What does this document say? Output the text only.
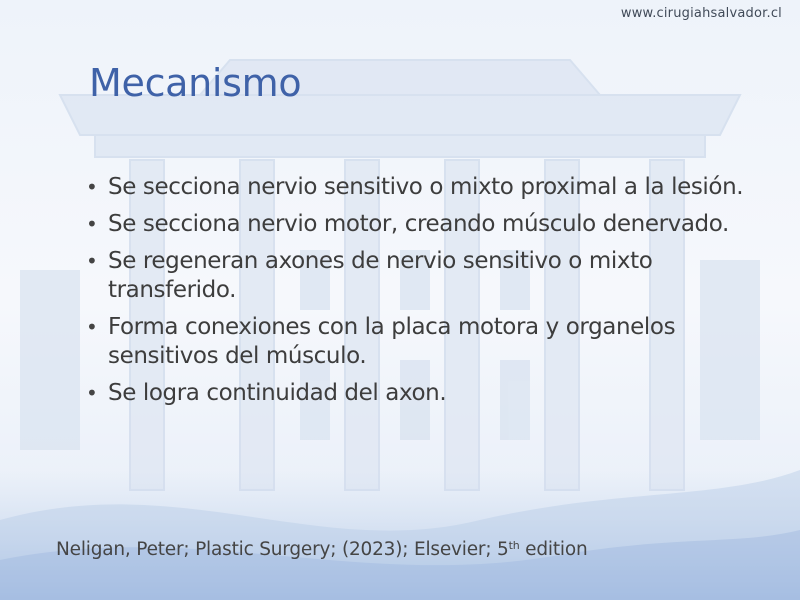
www.cirugiahsalvador.cl
Mecanismo
• Se secciona nervio sensitivo o mixto proximal a la lesión.
• Se secciona nervio motor, creando músculo denervado.
• Se regeneran axones de nervio sensitivo o mixto transferido.
• Forma conexiones con la placa motora y organelos sensitivos del músculo.
• Se logra continuidad del axon.

Neligan, Peter; Plastic Surgery; (2023); Elsevier; 5th edition
